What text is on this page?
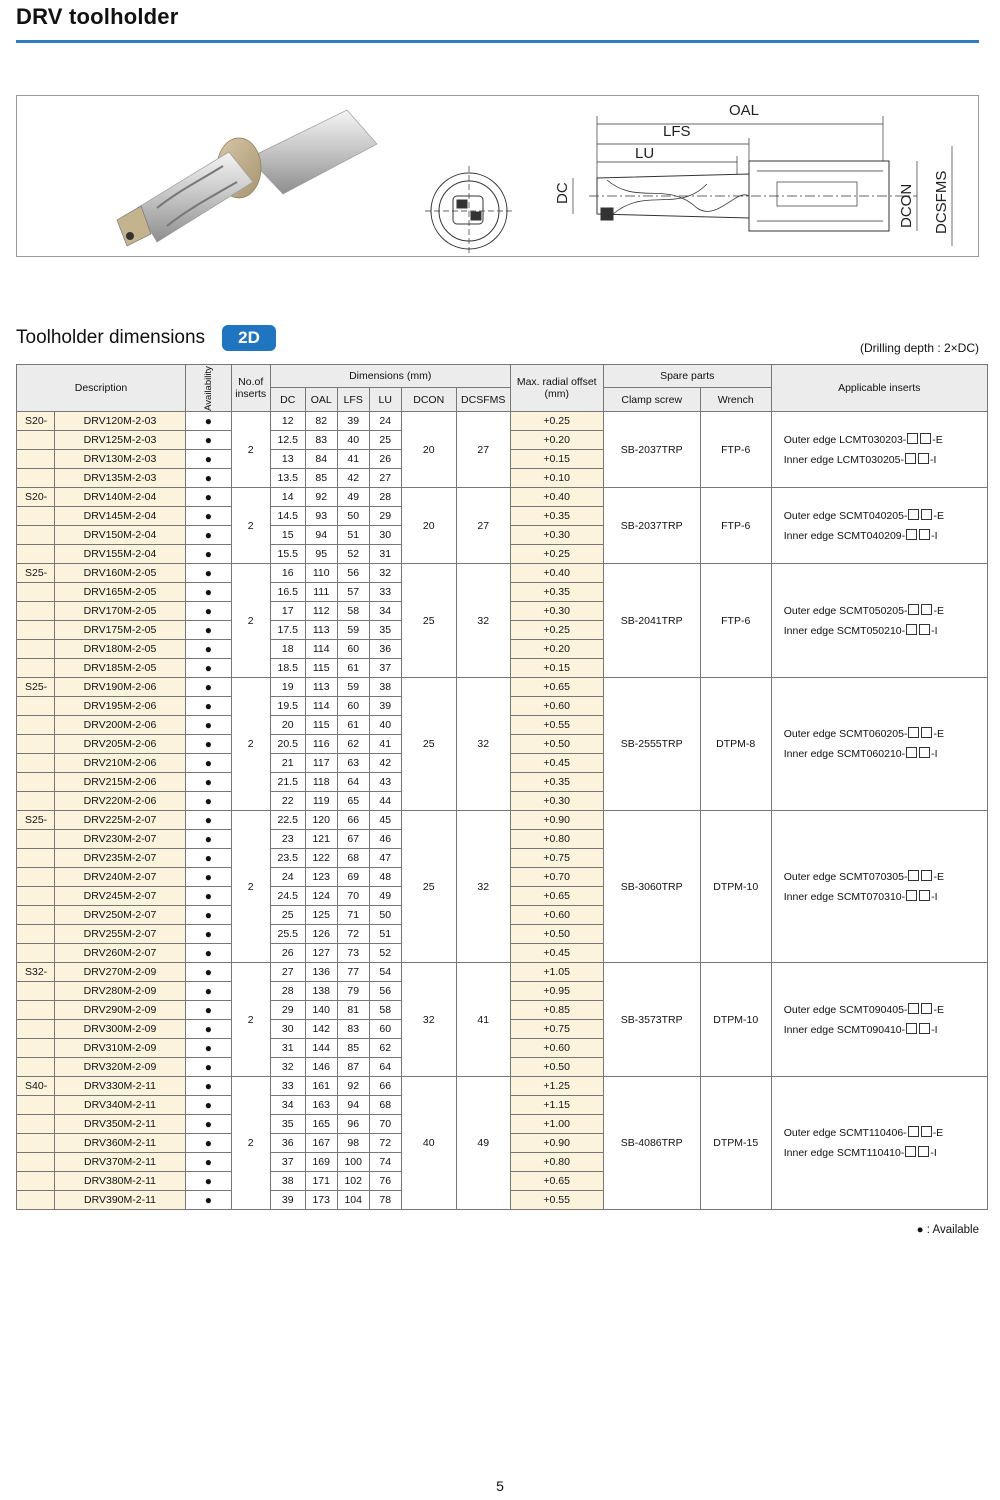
DRV toolholder
OAL
LFS
LU
DC	DCON DCSFMS
Toolholder dimensions	2D
(Drilling depth : 2×DC)
Description		Availability	No.of
inserts	Dimensions (mm)						Max. radial offset
(mm)	Spare parts		Applicable inserts
				DC	OAL	LFS	LU	DCON	DCSFMS		Clamp screw	Wrench	
S20-	DRV120M-2-03	●	2	12	82	39	24	20	27	+0.25	SB-2037TRP	FTP-6	Outer edge LCMT030203- -E
Inner edge LCMT030205- -I
	DRV125M-2-03	●		12.5	83	40	25			+0.20			
	DRV130M-2-03	●		13	84	41	26			+0.15			
	DRV135M-2-03	●		13.5	85	42	27			+0.10			
S20-	DRV140M-2-04	●	2	14	92	49	28	20	27	+0.40	SB-2037TRP	FTP-6	Outer edge SCMT040205- -E
Inner edge SCMT040209- -I
	DRV145M-2-04	●		14.5	93	50	29			+0.35			
	DRV150M-2-04	●		15	94	51	30			+0.30			
	DRV155M-2-04	●		15.5	95	52	31			+0.25			
S25-	DRV160M-2-05	●	2	16	110	56	32	25	32	+0.40	SB-2041TRP	FTP-6	Outer edge SCMT050205- -E
Inner edge SCMT050210- -I
	DRV165M-2-05	●		16.5	111	57	33			+0.35			
	DRV170M-2-05	●		17	112	58	34			+0.30			
	DRV175M-2-05	●		17.5	113	59	35			+0.25			
	DRV180M-2-05	●		18	114	60	36			+0.20			
	DRV185M-2-05	●		18.5	115	61	37			+0.15			
S25-	DRV190M-2-06	●	2	19	113	59	38	25	32	+0.65	SB-2555TRP	DTPM-8	Outer edge SCMT060205- -E
Inner edge SCMT060210- -I
	DRV195M-2-06	●		19.5	114	60	39			+0.60			
	DRV200M-2-06	●		20	115	61	40			+0.55			
	DRV205M-2-06	●		20.5	116	62	41			+0.50			
	DRV210M-2-06	●		21	117	63	42			+0.45			
	DRV215M-2-06	●		21.5	118	64	43			+0.35			
	DRV220M-2-06	●		22	119	65	44			+0.30			
S25-	DRV225M-2-07	●	2	22.5	120	66	45	25	32	+0.90	SB-3060TRP	DTPM-10	Outer edge SCMT070305- -E
Inner edge SCMT070310- -I
	DRV230M-2-07	●		23	121	67	46			+0.80			
	DRV235M-2-07	●		23.5	122	68	47			+0.75			
	DRV240M-2-07	●		24	123	69	48			+0.70			
	DRV245M-2-07	●		24.5	124	70	49			+0.65			
	DRV250M-2-07	●		25	125	71	50			+0.60			
	DRV255M-2-07	●		25.5	126	72	51			+0.50			
	DRV260M-2-07	●		26	127	73	52			+0.45			
S32-	DRV270M-2-09	●	2	27	136	77	54	32	41	+1.05	SB-3573TRP	DTPM-10	Outer edge SCMT090405- -E
Inner edge SCMT090410- -I
	DRV280M-2-09	●		28	138	79	56			+0.95			
	DRV290M-2-09	●		29	140	81	58			+0.85			
	DRV300M-2-09	●		30	142	83	60			+0.75			
	DRV310M-2-09	●		31	144	85	62			+0.60			
	DRV320M-2-09	●		32	146	87	64			+0.50			
S40-	DRV330M-2-11	●	2	33	161	92	66	40	49	+1.25	SB-4086TRP	DTPM-15	Outer edge SCMT110406- -E
Inner edge SCMT110410- -I
	DRV340M-2-11	●		34	163	94	68			+1.15			
	DRV350M-2-11	●		35	165	96	70			+1.00			
	DRV360M-2-11	●		36	167	98	72			+0.90			
	DRV370M-2-11	●		37	169	100	74			+0.80			
	DRV380M-2-11	●		38	171	102	76			+0.65			
	DRV390M-2-11	●		39	173	104	78			+0.55			
● : Available
5
